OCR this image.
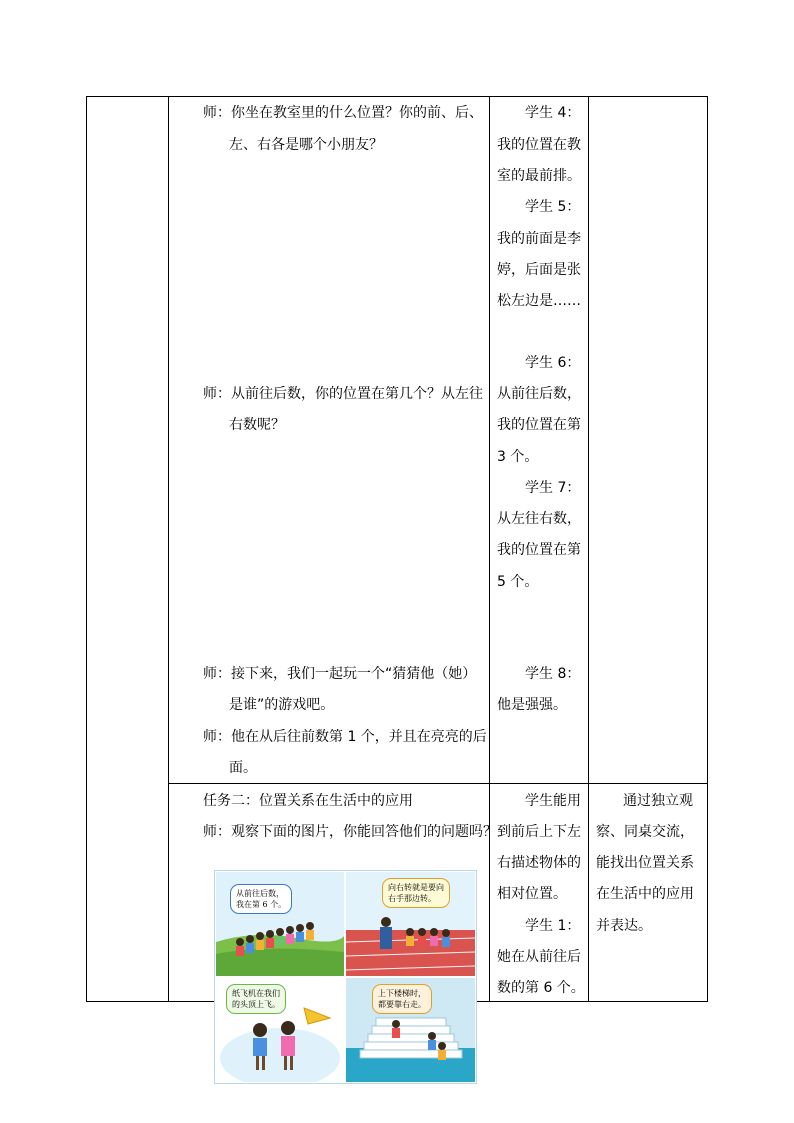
师：你坐在教室里的什么位置？你的前、后、
左、右各是哪个小朋友？
师：从前往后数，你的位置在第几个？从左往
右数呢？
师：接下来，我们一起玩一个“猜猜他（她）
是谁”的游戏吧。
师：他在从后往前数第 1 个，并且在亮亮的后
面。
任务二：位置关系在生活中的应用
师：观察下面的图片，你能回答他们的问题吗？
学生 4：
我的位置在教
室的最前排。
学生 5：
我的前面是李
婷，后面是张
松左边是……
学生 6：
从前往后数，
我的位置在第
3 个。
学生 7：
从左往右数，
我的位置在第
5 个。
学生 8：
他是强强。
学生能用
到前后上下左
右描述物体的
相对位置。
学生 1：
她在从前往后
数的第 6 个。
通过独立观
察、同桌交流，
能找出位置关系
在生活中的应用
并表达。
从前往后数，
我在第 6 个。
向右转就是要向
右手那边转。
纸飞机在我们
的头顶上飞。
上下楼梯时，
都要靠右走。
